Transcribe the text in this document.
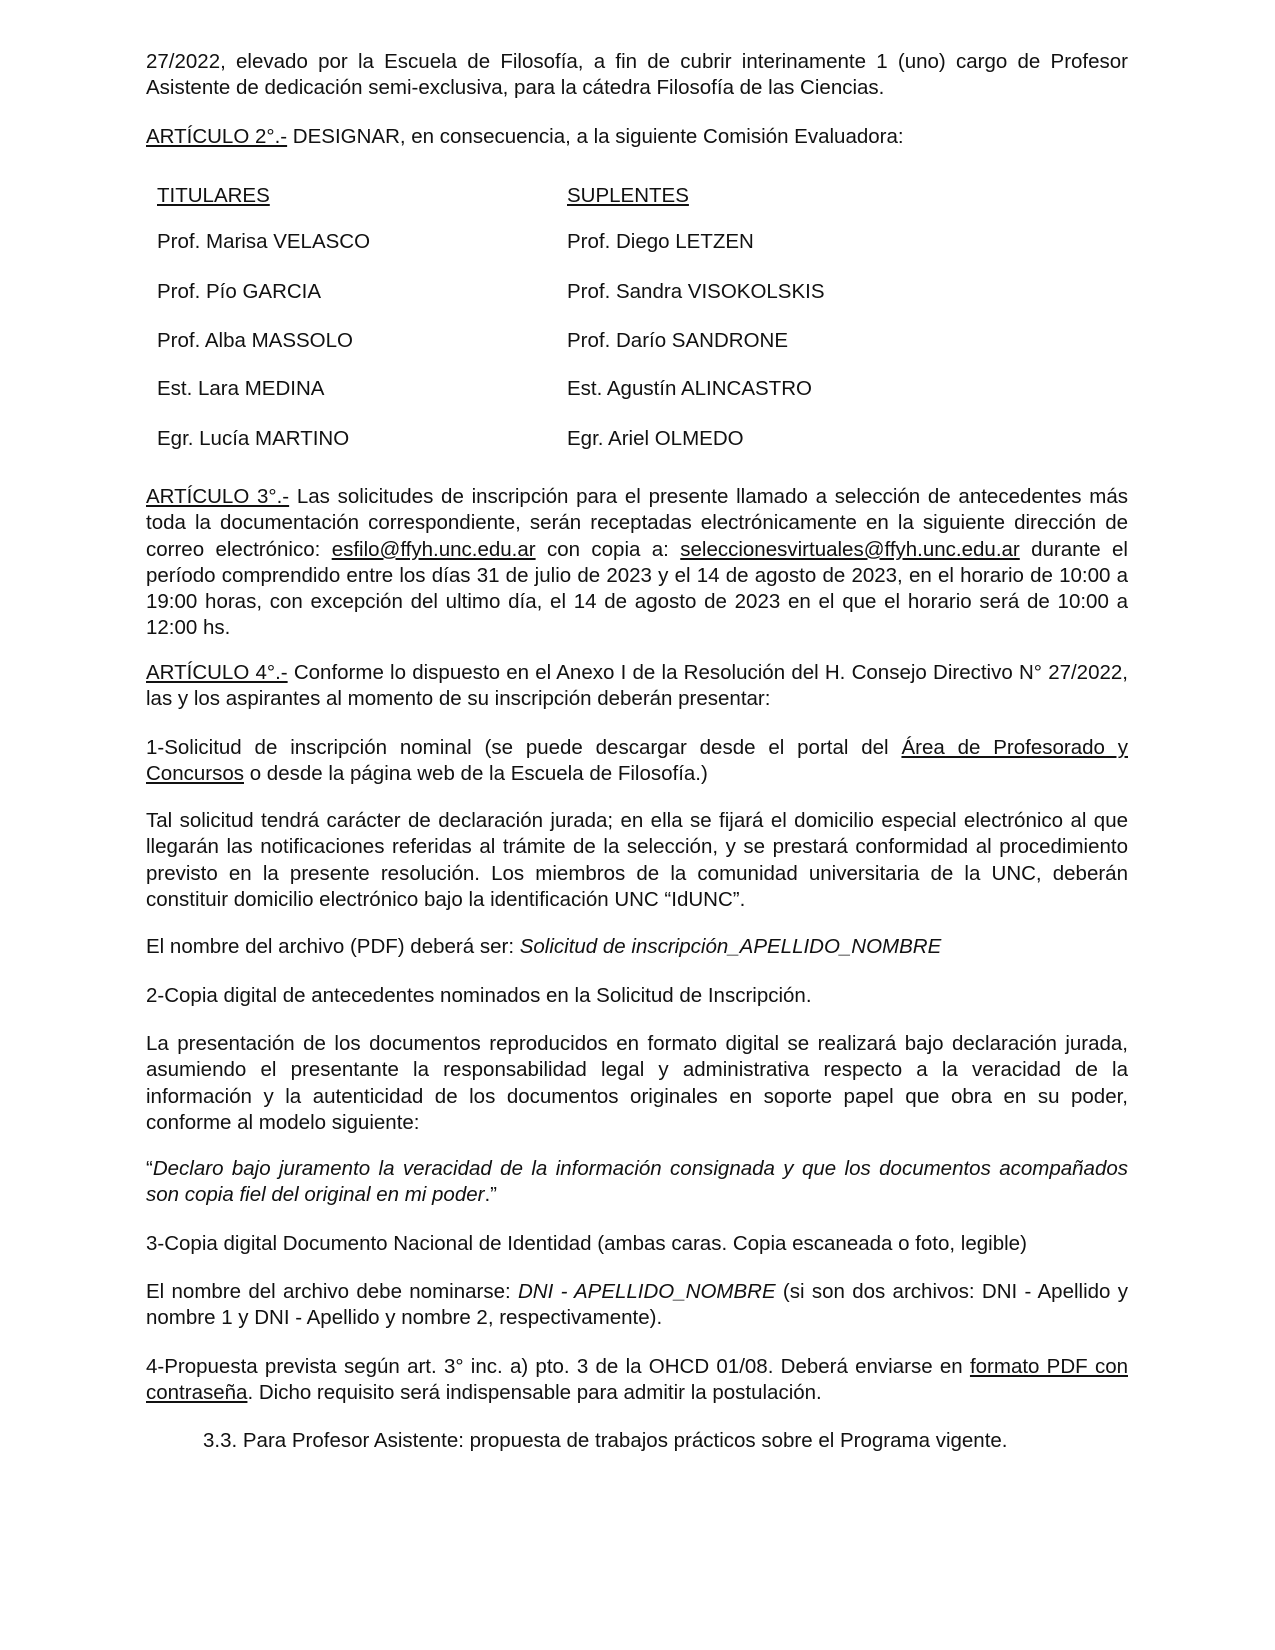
27/2022, elevado por la Escuela de Filosofía, a fin de cubrir interinamente 1 (uno) cargo de Profesor Asistente de dedicación semi-exclusiva, para la cátedra Filosofía de las Ciencias.

ARTÍCULO 2°.- DESIGNAR, en consecuencia, a la siguiente Comisión Evaluadora:

TITULARES	SUPLENTES
Prof. Marisa VELASCO	Prof. Diego LETZEN
Prof. Pío GARCIA	Prof. Sandra VISOKOLSKIS
Prof. Alba MASSOLO	Prof. Darío SANDRONE
Est. Lara MEDINA	Est. Agustín ALINCASTRO
Egr. Lucía MARTINO	Egr. Ariel OLMEDO

ARTÍCULO 3°.- Las solicitudes de inscripción para el presente llamado a selección de antecedentes más toda la documentación correspondiente, serán receptadas electrónicamente en la siguiente dirección de correo electrónico: esfilo@ffyh.unc.edu.ar con copia a: seleccionesvirtuales@ffyh.unc.edu.ar durante el período comprendido entre los días 31 de julio de 2023 y el 14 de agosto de 2023, en el horario de 10:00 a 19:00 horas, con excepción del ultimo día, el 14 de agosto de 2023 en el que el horario será de 10:00 a 12:00 hs.

ARTÍCULO 4°.- Conforme lo dispuesto en el Anexo I de la Resolución del H. Consejo Directivo N° 27/2022, las y los aspirantes al momento de su inscripción deberán presentar:

1-Solicitud de inscripción nominal (se puede descargar desde el portal del Área de Profesorado y Concursos o desde la página web de la Escuela de Filosofía.)

Tal solicitud tendrá carácter de declaración jurada; en ella se fijará el domicilio especial electrónico al que llegarán las notificaciones referidas al trámite de la selección, y se prestará conformidad al procedimiento previsto en la presente resolución. Los miembros de la comunidad universitaria de la UNC, deberán constituir domicilio electrónico bajo la identificación UNC “IdUNC”.

El nombre del archivo (PDF) deberá ser: Solicitud de inscripción_APELLIDO_NOMBRE

2-Copia digital de antecedentes nominados en la Solicitud de Inscripción.

La presentación de los documentos reproducidos en formato digital se realizará bajo declaración jurada, asumiendo el presentante la responsabilidad legal y administrativa respecto a la veracidad de la información y la autenticidad de los documentos originales en soporte papel que obra en su poder, conforme al modelo siguiente:

“Declaro bajo juramento la veracidad de la información consignada y que los documentos acompañados son copia fiel del original en mi poder.”

3-Copia digital Documento Nacional de Identidad (ambas caras. Copia escaneada o foto, legible)

El nombre del archivo debe nominarse: DNI - APELLIDO_NOMBRE (si son dos archivos: DNI - Apellido y nombre 1 y DNI - Apellido y nombre 2, respectivamente).

4-Propuesta prevista según art. 3° inc. a) pto. 3 de la OHCD 01/08. Deberá enviarse en formato PDF con contraseña. Dicho requisito será indispensable para admitir la postulación.

3.3. Para Profesor Asistente: propuesta de trabajos prácticos sobre el Programa vigente.
